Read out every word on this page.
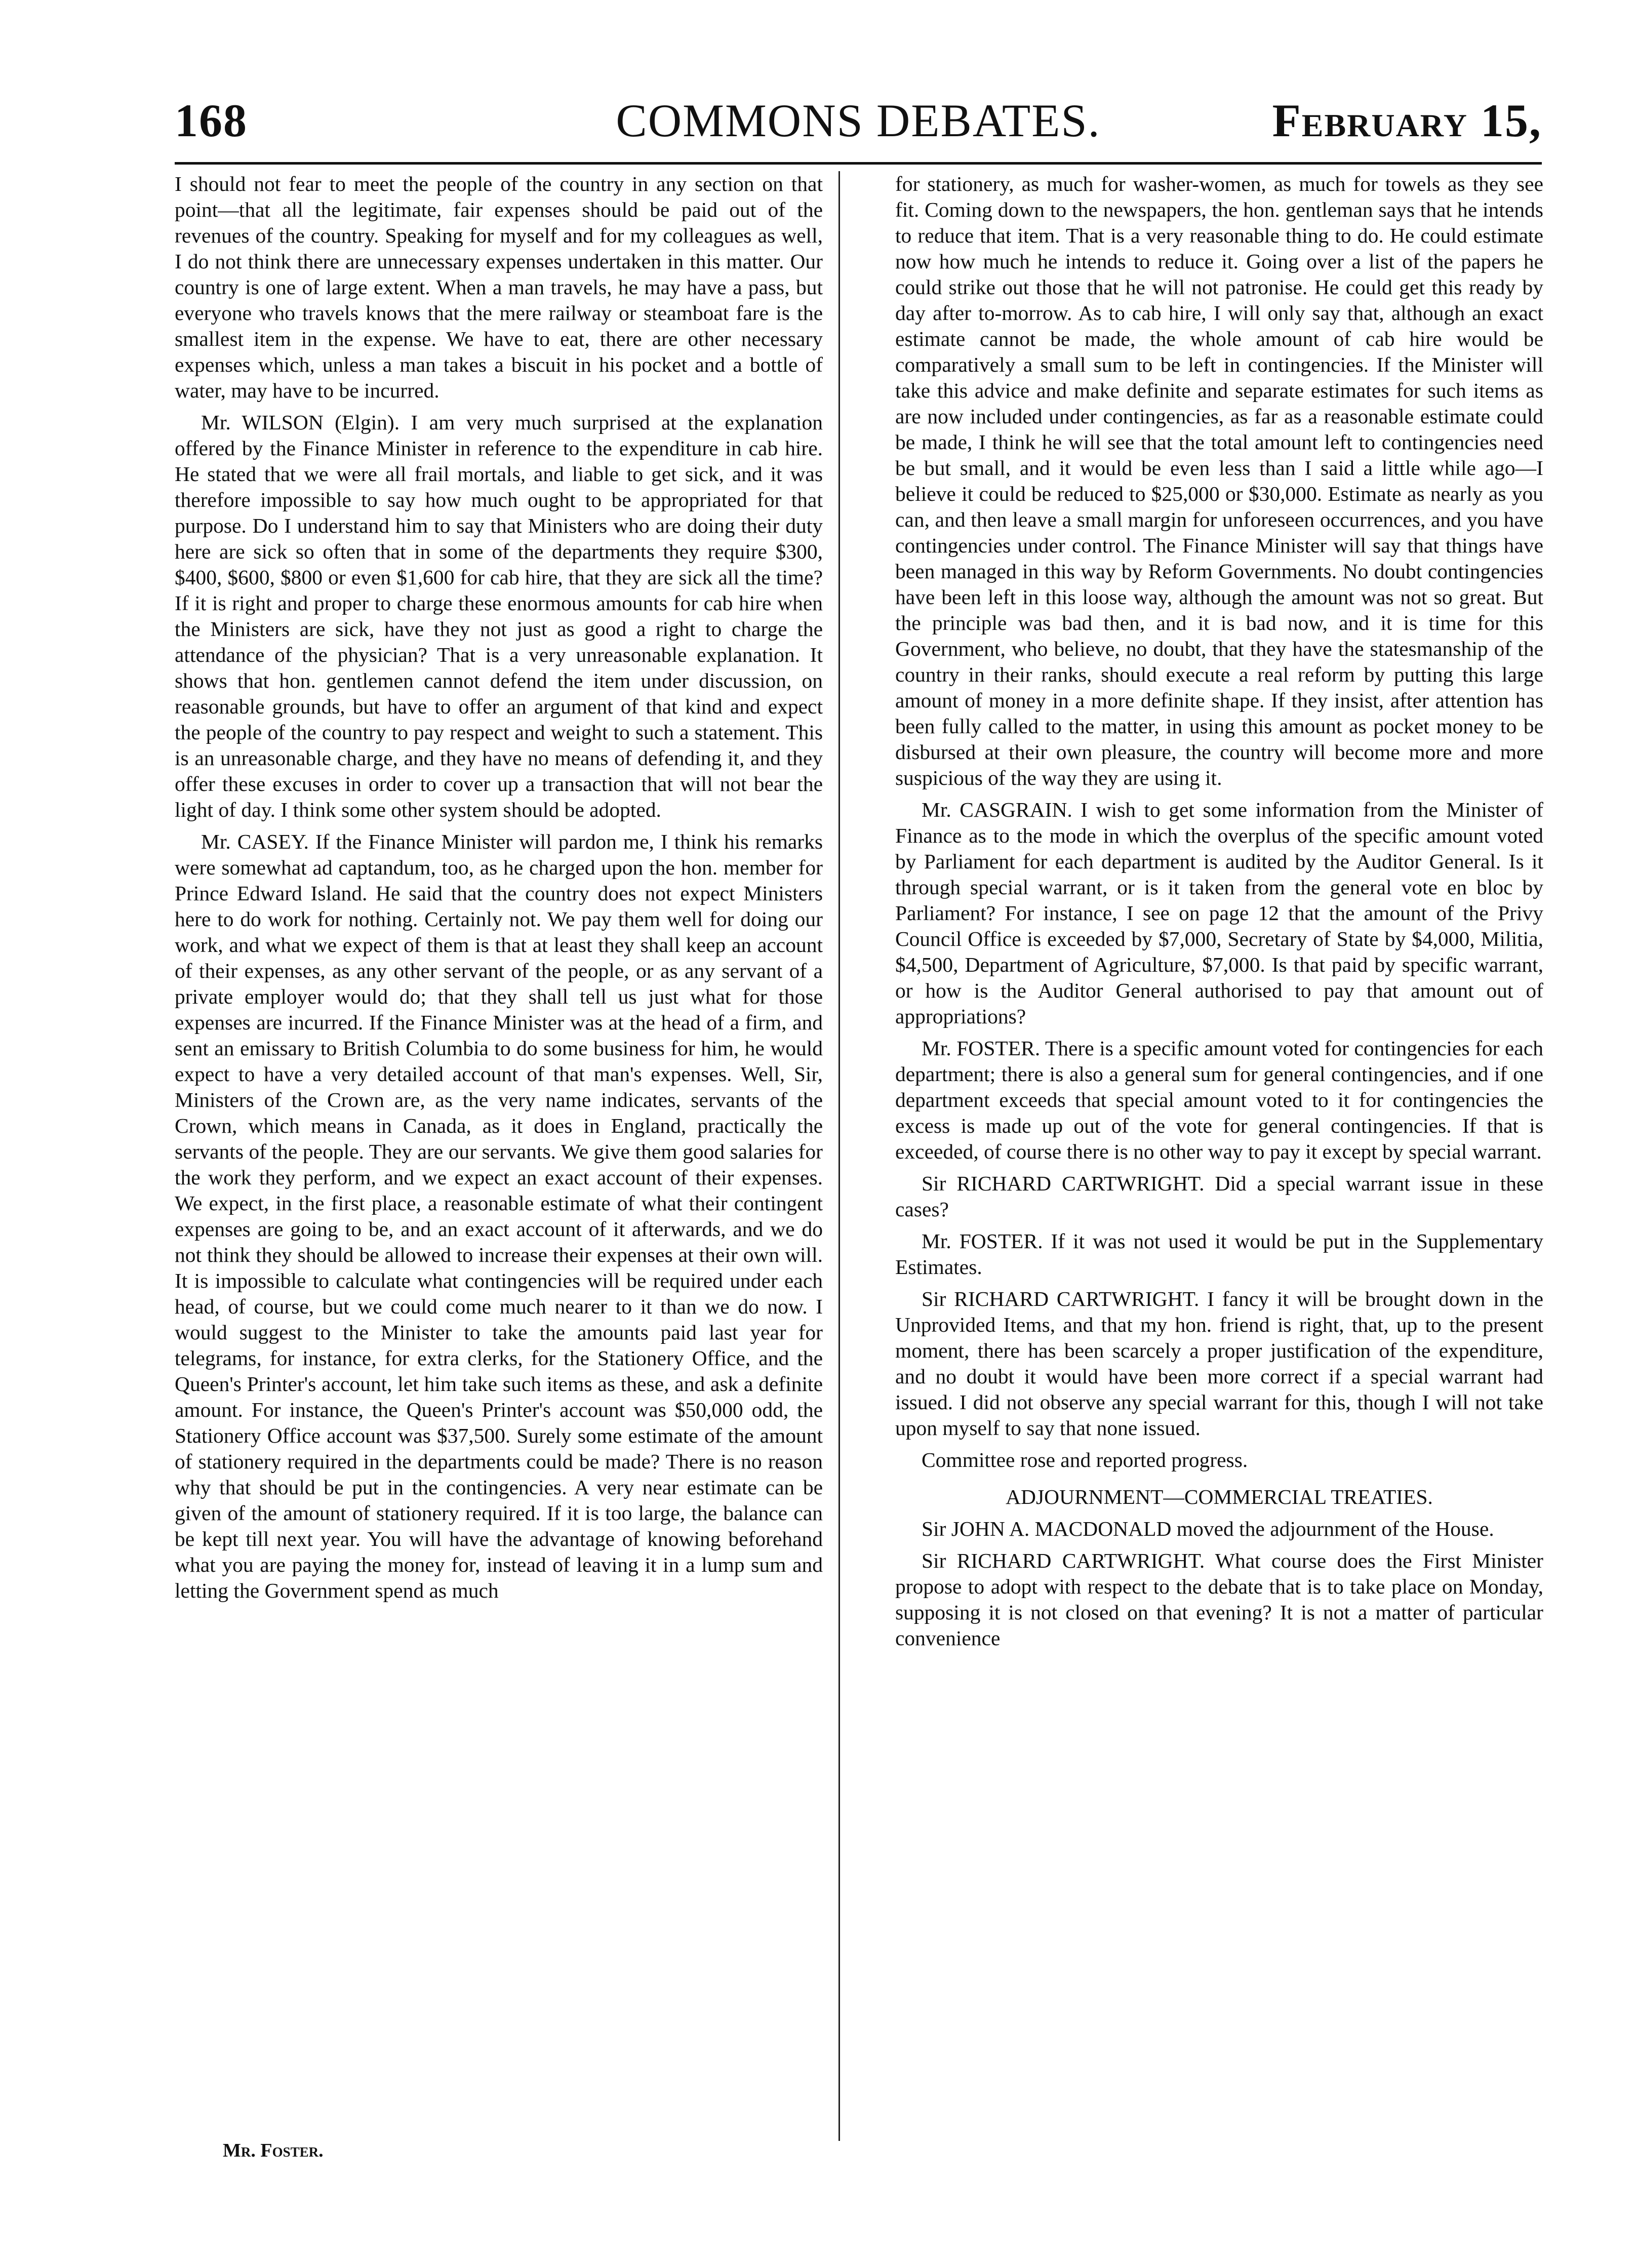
168	COMMONS DEBATES.	February 15,

I should not fear to meet the people of the country in any section on that point—that all the legitimate, fair expenses should be paid out of the revenues of the country. Speaking for myself and for my colleagues as well, I do not think there are unnecessary expenses undertaken in this matter. Our country is one of large extent. When a man travels, he may have a pass, but everyone who travels knows that the mere railway or steamboat fare is the smallest item in the expense. We have to eat, there are other necessary expenses which, unless a man takes a biscuit in his pocket and a bottle of water, may have to be incurred.

Mr. WILSON (Elgin). I am very much surprised at the explanation offered by the Finance Minister in reference to the expenditure in cab hire. He stated that we were all frail mortals, and liable to get sick, and it was therefore impossible to say how much ought to be appropriated for that purpose. Do I understand him to say that Ministers who are doing their duty here are sick so often that in some of the departments they require $300, $400, $600, $800 or even $1,600 for cab hire, that they are sick all the time? If it is right and proper to charge these enormous amounts for cab hire when the Ministers are sick, have they not just as good a right to charge the attendance of the physician? That is a very unreasonable explanation. It shows that hon. gentlemen cannot defend the item under discussion, on reasonable grounds, but have to offer an argument of that kind and expect the people of the country to pay respect and weight to such a statement. This is an unreasonable charge, and they have no means of defending it, and they offer these excuses in order to cover up a transaction that will not bear the light of day. I think some other system should be adopted.

Mr. CASEY. If the Finance Minister will pardon me, I think his remarks were somewhat ad captandum, too, as he charged upon the hon. member for Prince Edward Island. He said that the country does not expect Ministers here to do work for nothing. Certainly not. We pay them well for doing our work, and what we expect of them is that at least they shall keep an account of their expenses, as any other servant of the people, or as any servant of a private employer would do; that they shall tell us just what for those expenses are incurred. If the Finance Minister was at the head of a firm, and sent an emissary to British Columbia to do some business for him, he would expect to have a very detailed account of that man's expenses. Well, Sir, Ministers of the Crown are, as the very name indicates, servants of the Crown, which means in Canada, as it does in England, practically the servants of the people. They are our servants. We give them good salaries for the work they perform, and we expect an exact account of their expenses. We expect, in the first place, a reasonable estimate of what their contingent expenses are going to be, and an exact account of it afterwards, and we do not think they should be allowed to increase their expenses at their own will. It is impossible to calculate what contingencies will be required under each head, of course, but we could come much nearer to it than we do now. I would suggest to the Minister to take the amounts paid last year for telegrams, for instance, for extra clerks, for the Stationery Office, and the Queen's Printer's account, let him take such items as these, and ask a definite amount. For instance, the Queen's Printer's account was $50,000 odd, the Stationery Office account was $37,500. Surely some estimate of the amount of stationery required in the departments could be made? There is no reason why that should be put in the contingencies. A very near estimate can be given of the amount of stationery required. If it is too large, the balance can be kept till next year. You will have the advantage of knowing beforehand what you are paying the money for, instead of leaving it in a lump sum and letting the Government spend as much

for stationery, as much for washer-women, as much for towels as they see fit. Coming down to the newspapers, the hon. gentleman says that he intends to reduce that item. That is a very reasonable thing to do. He could estimate now how much he intends to reduce it. Going over a list of the papers he could strike out those that he will not patronise. He could get this ready by day after to-morrow. As to cab hire, I will only say that, although an exact estimate cannot be made, the whole amount of cab hire would be comparatively a small sum to be left in contingencies. If the Minister will take this advice and make definite and separate estimates for such items as are now included under contingencies, as far as a reasonable estimate could be made, I think he will see that the total amount left to contingencies need be but small, and it would be even less than I said a little while ago—I believe it could be reduced to $25,000 or $30,000. Estimate as nearly as you can, and then leave a small margin for unforeseen occurrences, and you have contingencies under control. The Finance Minister will say that things have been managed in this way by Reform Governments. No doubt contingencies have been left in this loose way, although the amount was not so great. But the principle was bad then, and it is bad now, and it is time for this Government, who believe, no doubt, that they have the statesmanship of the country in their ranks, should execute a real reform by putting this large amount of money in a more definite shape. If they insist, after attention has been fully called to the matter, in using this amount as pocket money to be disbursed at their own pleasure, the country will become more and more suspicious of the way they are using it.

Mr. CASGRAIN. I wish to get some information from the Minister of Finance as to the mode in which the overplus of the specific amount voted by Parliament for each department is audited by the Auditor General. Is it through special warrant, or is it taken from the general vote en bloc by Parliament? For instance, I see on page 12 that the amount of the Privy Council Office is exceeded by $7,000, Secretary of State by $4,000, Militia, $4,500, Department of Agriculture, $7,000. Is that paid by specific warrant, or how is the Auditor General authorised to pay that amount out of appropriations?

Mr. FOSTER. There is a specific amount voted for contingencies for each department; there is also a general sum for general contingencies, and if one department exceeds that special amount voted to it for contingencies the excess is made up out of the vote for general contingencies. If that is exceeded, of course there is no other way to pay it except by special warrant.

Sir RICHARD CARTWRIGHT. Did a special warrant issue in these cases?

Mr. FOSTER. If it was not used it would be put in the Supplementary Estimates.

Sir RICHARD CARTWRIGHT. I fancy it will be brought down in the Unprovided Items, and that my hon. friend is right, that, up to the present moment, there has been scarcely a proper justification of the expenditure, and no doubt it would have been more correct if a special warrant had issued. I did not observe any special warrant for this, though I will not take upon myself to say that none issued.

Committee rose and reported progress.

ADJOURNMENT—COMMERCIAL TREATIES.

Sir JOHN A. MACDONALD moved the adjournment of the House.

Sir RICHARD CARTWRIGHT. What course does the First Minister propose to adopt with respect to the debate that is to take place on Monday, supposing it is not closed on that evening? It is not a matter of particular convenience

Mr. Foster.
